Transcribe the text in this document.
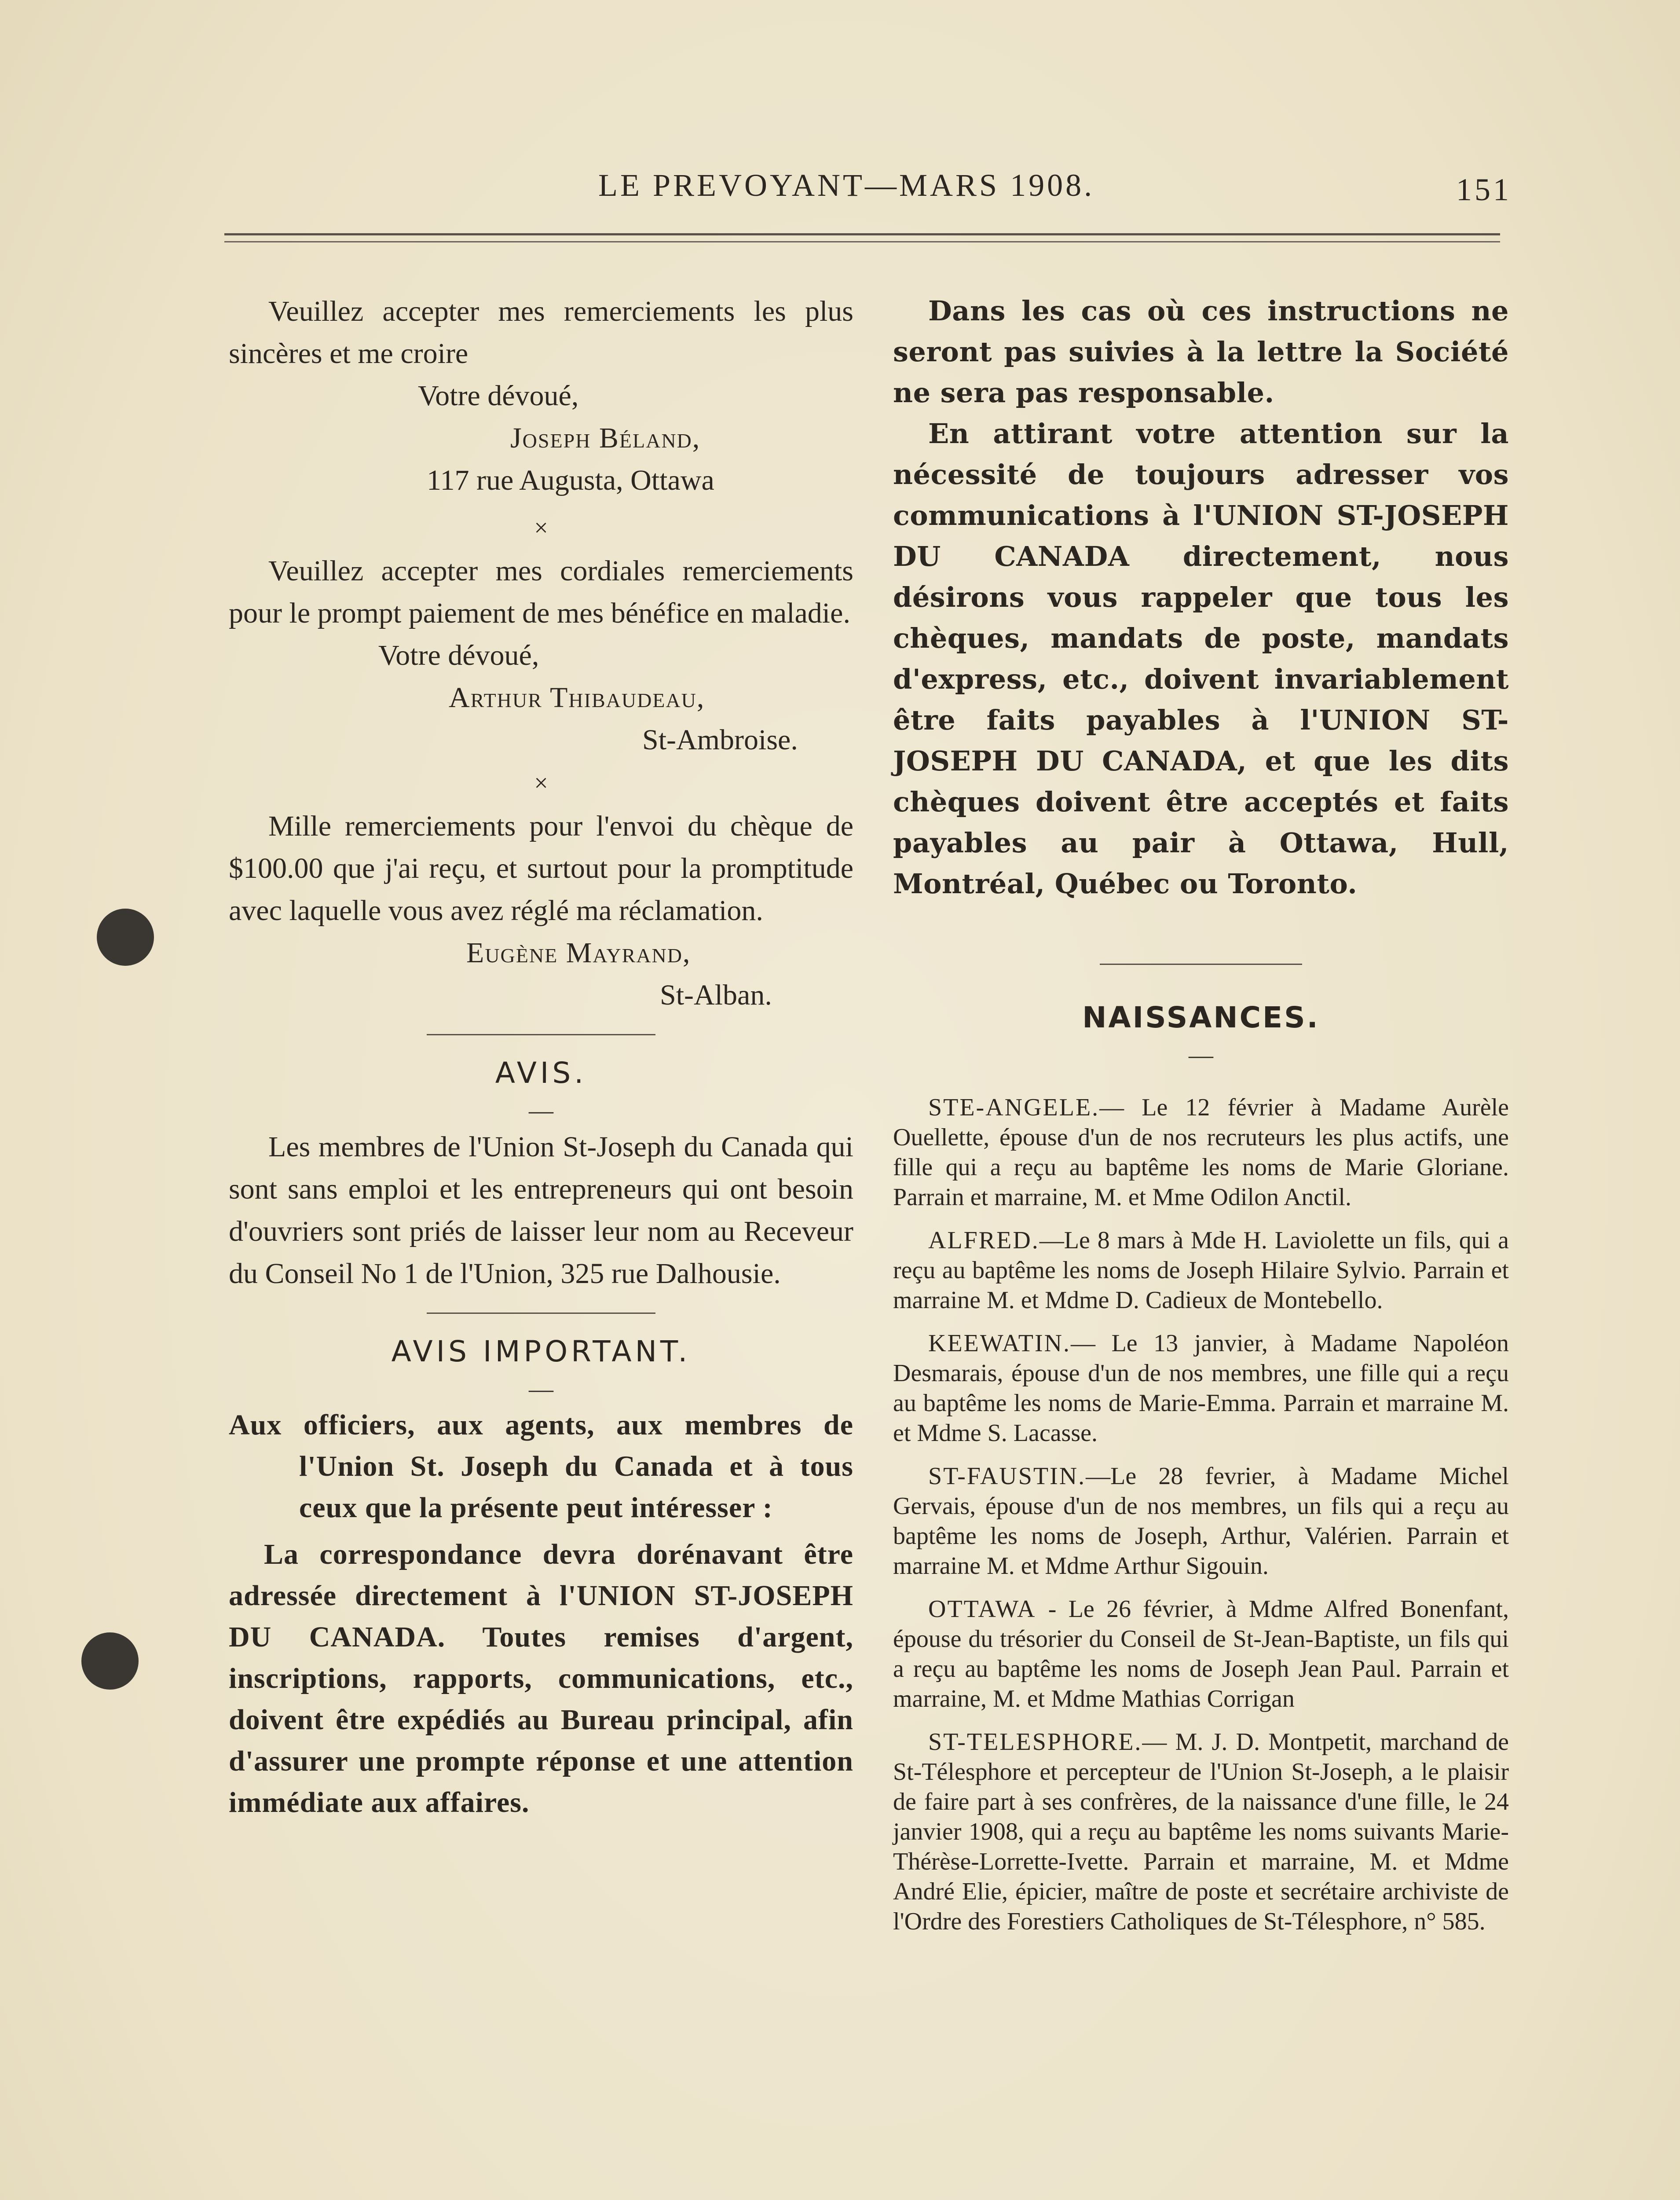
LE PREVOYANT—MARS 1908.	151

Veuillez accepter mes remerciements les plus sincères et me croire

Votre dévoué,

Joseph Béland,

117 rue Augusta, Ottawa

×

Veuillez accepter mes cordiales remerciements pour le prompt paiement de mes bénéfice en maladie.

Votre dévoué,

Arthur Thibaudeau,

St-Ambroise.

×

Mille remerciements pour l'envoi du chèque de $100.00 que j'ai reçu, et surtout pour la promptitude avec laquelle vous avez réglé ma réclamation.

Eugène Mayrand,

St-Alban.

AVIS.

—

Les membres de l'Union St-Joseph du Canada qui sont sans emploi et les entrepreneurs qui ont besoin d'ouvriers sont priés de laisser leur nom au Receveur du Conseil No 1 de l'Union, 325 rue Dalhousie.

AVIS IMPORTANT.

—

Aux officiers, aux agents, aux membres de l'Union St. Joseph du Canada et à tous ceux que la présente peut intéresser :

La correspondance devra dorénavant être adressée directement à l'UNION ST-JOSEPH DU CANADA. Toutes remises d'argent, inscriptions, rapports, communications, etc., doivent être expédiés au Bureau principal, afin d'assurer une prompte réponse et une attention immédiate aux affaires.

Dans les cas où ces instructions ne seront pas suivies à la lettre la Société ne sera pas responsable.

En attirant votre attention sur la nécessité de toujours adresser vos communications à l'UNION ST-JOSEPH DU CANADA directement, nous désirons vous rappeler que tous les chèques, mandats de poste, mandats d'express, etc., doivent invariablement être faits payables à l'UNION ST-JOSEPH DU CANADA, et que les dits chèques doivent être acceptés et faits payables au pair à Ottawa, Hull, Montréal, Québec ou Toronto.

NAISSANCES.

—

STE-ANGELE.— Le 12 février à Madame Aurèle Ouellette, épouse d'un de nos recruteurs les plus actifs, une fille qui a reçu au baptême les noms de Marie Gloriane. Parrain et marraine, M. et Mme Odilon Anctil.

ALFRED.—Le 8 mars à Mde H. Laviolette un fils, qui a reçu au baptême les noms de Joseph Hilaire Sylvio. Parrain et marraine M. et Mdme D. Cadieux de Montebello.

KEEWATIN.— Le 13 janvier, à Madame Napoléon Desmarais, épouse d'un de nos membres, une fille qui a reçu au baptême les noms de Marie-Emma. Parrain et marraine M. et Mdme S. Lacasse.

ST-FAUSTIN.—Le 28 fevrier, à Madame Michel Gervais, épouse d'un de nos membres, un fils qui a reçu au baptême les noms de Joseph, Arthur, Valérien. Parrain et marraine M. et Mdme Arthur Sigouin.

OTTAWA - Le 26 février, à Mdme Alfred Bonenfant, épouse du trésorier du Conseil de St-Jean-Baptiste, un fils qui a reçu au baptême les noms de Joseph Jean Paul. Parrain et marraine, M. et Mdme Mathias Corrigan

ST-TELESPHORE.— M. J. D. Montpetit, marchand de St-Télesphore et percepteur de l'Union St-Joseph, a le plaisir de faire part à ses confrères, de la naissance d'une fille, le 24 janvier 1908, qui a reçu au baptême les noms suivants Marie-Thérèse-Lorrette-Ivette. Parrain et marraine, M. et Mdme André Elie, épicier, maître de poste et secrétaire archiviste de l'Ordre des Forestiers Catholiques de St-Télesphore, n° 585.
